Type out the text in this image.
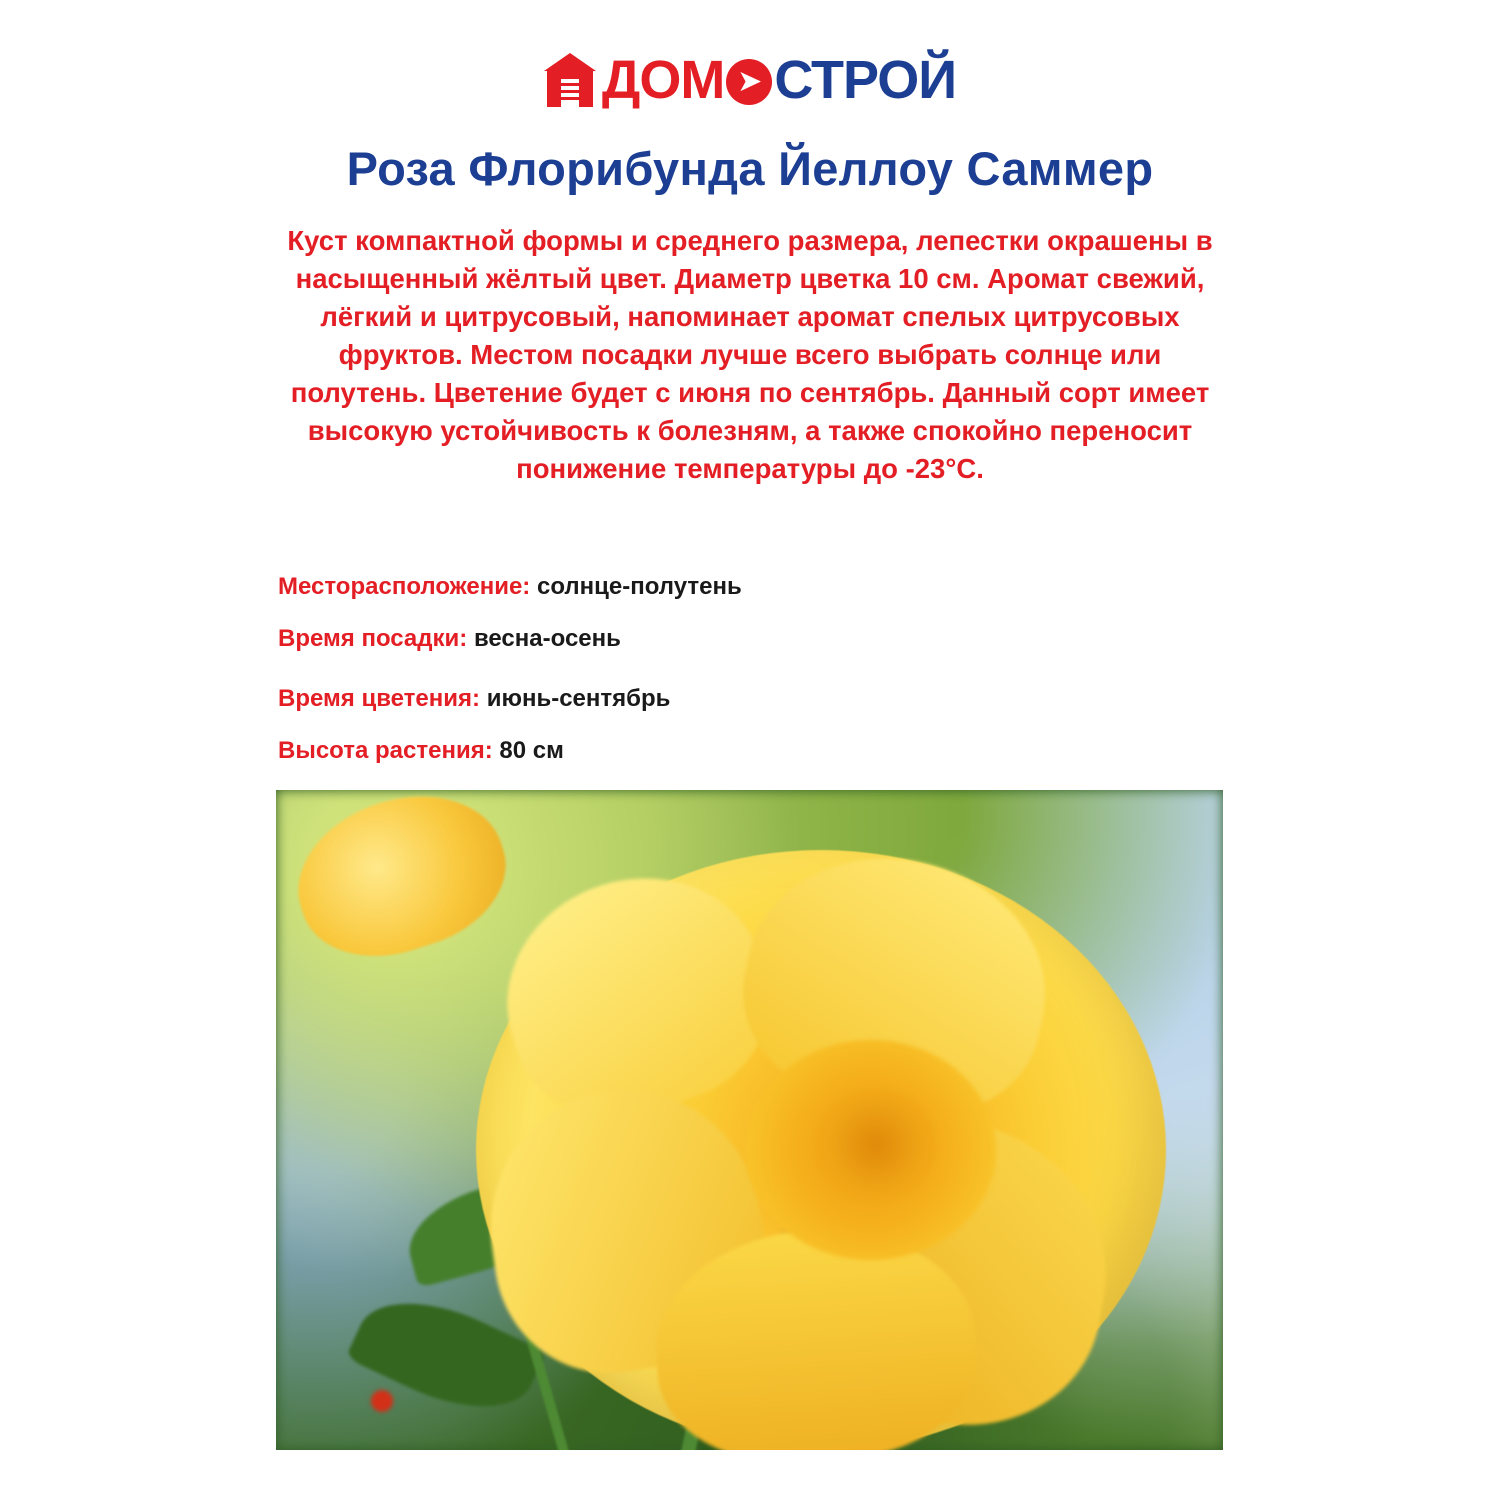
ДОМ ➤ СТРОЙ
Роза Флорибунда Йеллоу Саммер
Куст компактной формы и среднего размера, лепестки окрашены в насыщенный жёлтый цвет. Диаметр цветка 10 см. Аромат свежий, лёгкий и цитрусовый, напоминает аромат спелых цитрусовых фруктов. Местом посадки лучше всего выбрать солнце или полутень. Цветение будет с июня по сентябрь. Данный сорт имеет высокую устойчивость к болезням, а также спокойно переносит понижение температуры до -23°C.
Месторасположение: солнце-полутень
Время посадки: весна-осень
Время цветения: июнь-сентябрь
Высота растения: 80 см
